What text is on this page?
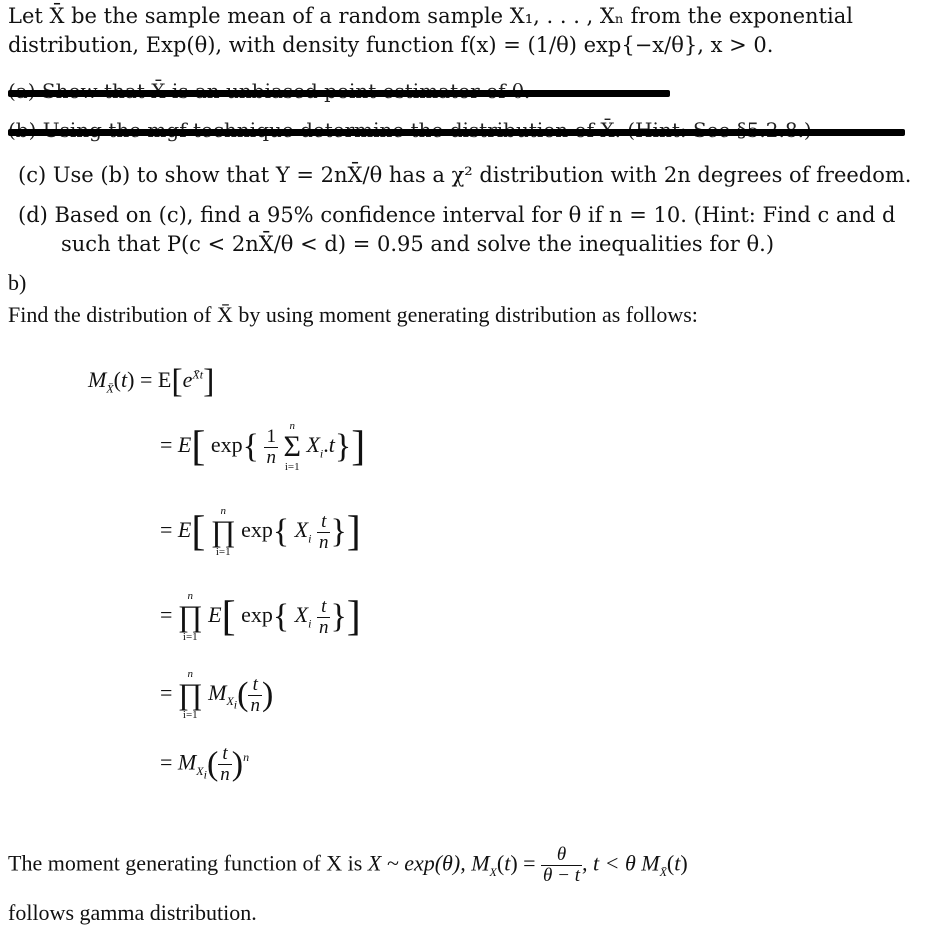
Let X̄ be the sample mean of a random sample X₁, . . . , Xₙ from the exponential
distribution, Exp(θ), with density function f(x) = (1/θ) exp{−x/θ}, x > 0.
(c) Use (b) to show that Y = 2nX̄/θ has a χ² distribution with 2n degrees of freedom.
(d) Based on (c), find a 95% confidence interval for θ if n = 10. (Hint: Find c and d
such that P(c < 2nX̄/θ < d) = 0.95 and solve the inequalities for θ.)
b)
Find the distribution of X̄ by using moment generating distribution as follows:
$M_{X̄}(t) = E[e^{X̄t}]$
= E[ $\exp\{ \frac{1}{n}$

n
Σ
i=1
$X_i.t$}]
= E[	n
∏
i=1
exp{ $X_i \frac{t}{n}$ }]
=
n
∏
i=1
E[ exp{ $X_i \frac{t}{n}$ }]
=
n
∏
i=1
$M_{X_i}( \frac{t}{n}$ )
= $M_{X_i}( \frac{t}{n} )^n$
The moment generating function of X is X ~ exp(θ), $M_X(t) = \frac{\theta}{\theta - t}$ , t < θ $M_{X̄}(t)$
follows gamma distribution.
